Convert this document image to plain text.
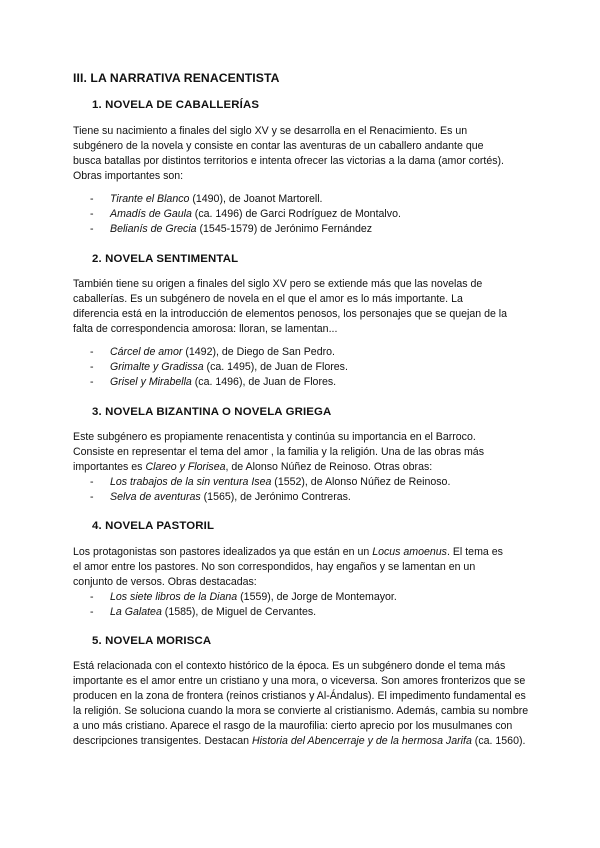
III. LA NARRATIVA RENACENTISTA
1. NOVELA DE CABALLERÍAS
Tiene su nacimiento a finales del siglo XV y se desarrolla en el Renacimiento. Es un
subgénero de la novela y consiste en contar las aventuras de un caballero andante que
busca batallas por distintos territorios e intenta ofrecer las victorias a la dama (amor cortés).
Obras importantes son:
- Tirante el Blanco (1490), de Joanot Martorell.
- Amadís de Gaula (ca. 1496) de Garci Rodríguez de Montalvo.
- Belianís de Grecia (1545-1579) de Jerónimo Fernández
2. NOVELA SENTIMENTAL
También tiene su origen a finales del siglo XV pero se extiende más que las novelas de
caballerías. Es un subgénero de novela en el que el amor es lo más importante. La
diferencia está en la introducción de elementos penosos, los personajes que se quejan de la
falta de correspondencia amorosa: lloran, se lamentan...
- Cárcel de amor (1492), de Diego de San Pedro.
- Grimalte y Gradissa (ca. 1495), de Juan de Flores.
- Grisel y Mirabella (ca. 1496), de Juan de Flores.
3. NOVELA BIZANTINA O NOVELA GRIEGA
Este subgénero es propiamente renacentista y continúa su importancia en el Barroco.
Consiste en representar el tema del amor , la familia y la religión. Una de las obras más
importantes es Clareo y Florisea, de Alonso Núñez de Reinoso. Otras obras:
- Los trabajos de la sin ventura Isea (1552), de Alonso Núñez de Reinoso.
- Selva de aventuras (1565), de Jerónimo Contreras.
4. NOVELA PASTORIL
Los protagonistas son pastores idealizados ya que están en un Locus amoenus. El tema es
el amor entre los pastores. No son correspondidos, hay engaños y se lamentan en un
conjunto de versos. Obras destacadas:
- Los siete libros de la Diana (1559), de Jorge de Montemayor.
- La Galatea (1585), de Miguel de Cervantes.
5. NOVELA MORISCA
Está relacionada con el contexto histórico de la época. Es un subgénero donde el tema más
importante es el amor entre un cristiano y una mora, o viceversa. Son amores fronterizos que se
producen en la zona de frontera (reinos cristianos y Al-Ándalus). El impedimento fundamental es
la religión. Se soluciona cuando la mora se convierte al cristianismo. Además, cambia su nombre
a uno más cristiano. Aparece el rasgo de la maurofilia: cierto aprecio por los musulmanes con
descripciones transigentes. Destacan Historia del Abencerraje y de la hermosa Jarifa (ca. 1560).
